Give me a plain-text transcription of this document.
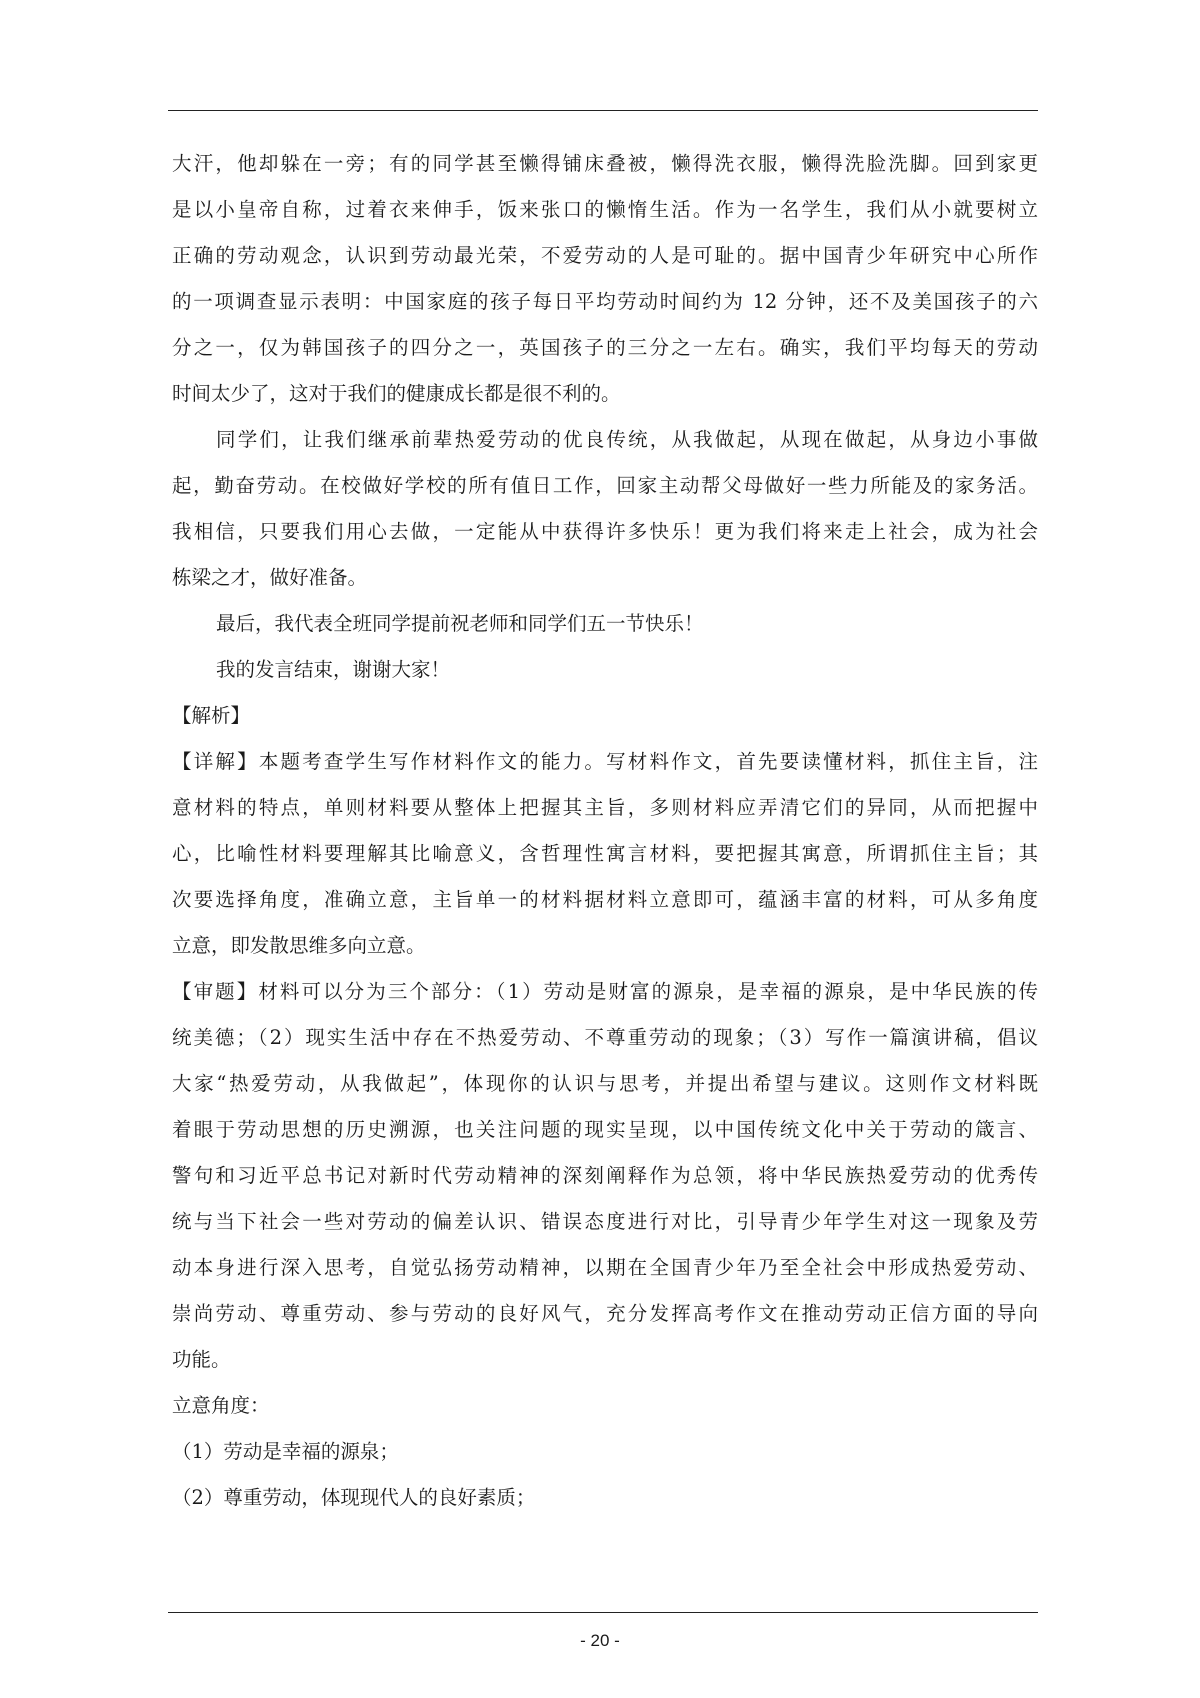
大汗，他却躲在一旁；有的同学甚至懒得铺床叠被，懒得洗衣服，懒得洗脸洗脚。回到家更
是以小皇帝自称，过着衣来伸手，饭来张口的懒惰生活。作为一名学生，我们从小就要树立
正确的劳动观念，认识到劳动最光荣，不爱劳动的人是可耻的。据中国青少年研究中心所作
的一项调查显示表明：中国家庭的孩子每日平均劳动时间约为 12 分钟，还不及美国孩子的六
分之一，仅为韩国孩子的四分之一，英国孩子的三分之一左右。确实，我们平均每天的劳动
时间太少了，这对于我们的健康成长都是很不利的。
同学们，让我们继承前辈热爱劳动的优良传统，从我做起，从现在做起，从身边小事做
起，勤奋劳动。在校做好学校的所有值日工作，回家主动帮父母做好一些力所能及的家务活。
我相信，只要我们用心去做，一定能从中获得许多快乐！更为我们将来走上社会，成为社会
栋梁之才，做好准备。
最后，我代表全班同学提前祝老师和同学们五一节快乐！
我的发言结束，谢谢大家！
【解析】
【详解】本题考查学生写作材料作文的能力。写材料作文，首先要读懂材料，抓住主旨，注
意材料的特点，单则材料要从整体上把握其主旨，多则材料应弄清它们的异同，从而把握中
心，比喻性材料要理解其比喻意义，含哲理性寓言材料，要把握其寓意，所谓抓住主旨；其
次要选择角度，准确立意，主旨单一的材料据材料立意即可，蕴涵丰富的材料，可从多角度
立意，即发散思维多向立意。
【审题】材料可以分为三个部分：（1）劳动是财富的源泉，是幸福的源泉，是中华民族的传
统美德；（2）现实生活中存在不热爱劳动、不尊重劳动的现象；（3）写作一篇演讲稿，倡议
大家“热爱劳动，从我做起”，体现你的认识与思考，并提出希望与建议。这则作文材料既
着眼于劳动思想的历史溯源，也关注问题的现实呈现，以中国传统文化中关于劳动的箴言、
警句和习近平总书记对新时代劳动精神的深刻阐释作为总领，将中华民族热爱劳动的优秀传
统与当下社会一些对劳动的偏差认识、错误态度进行对比，引导青少年学生对这一现象及劳
动本身进行深入思考，自觉弘扬劳动精神，以期在全国青少年乃至全社会中形成热爱劳动、
崇尚劳动、尊重劳动、参与劳动的良好风气，充分发挥高考作文在推动劳动正信方面的导向
功能。
立意角度：
（1）劳动是幸福的源泉；
（2）尊重劳动，体现现代人的良好素质；
- 20 -
